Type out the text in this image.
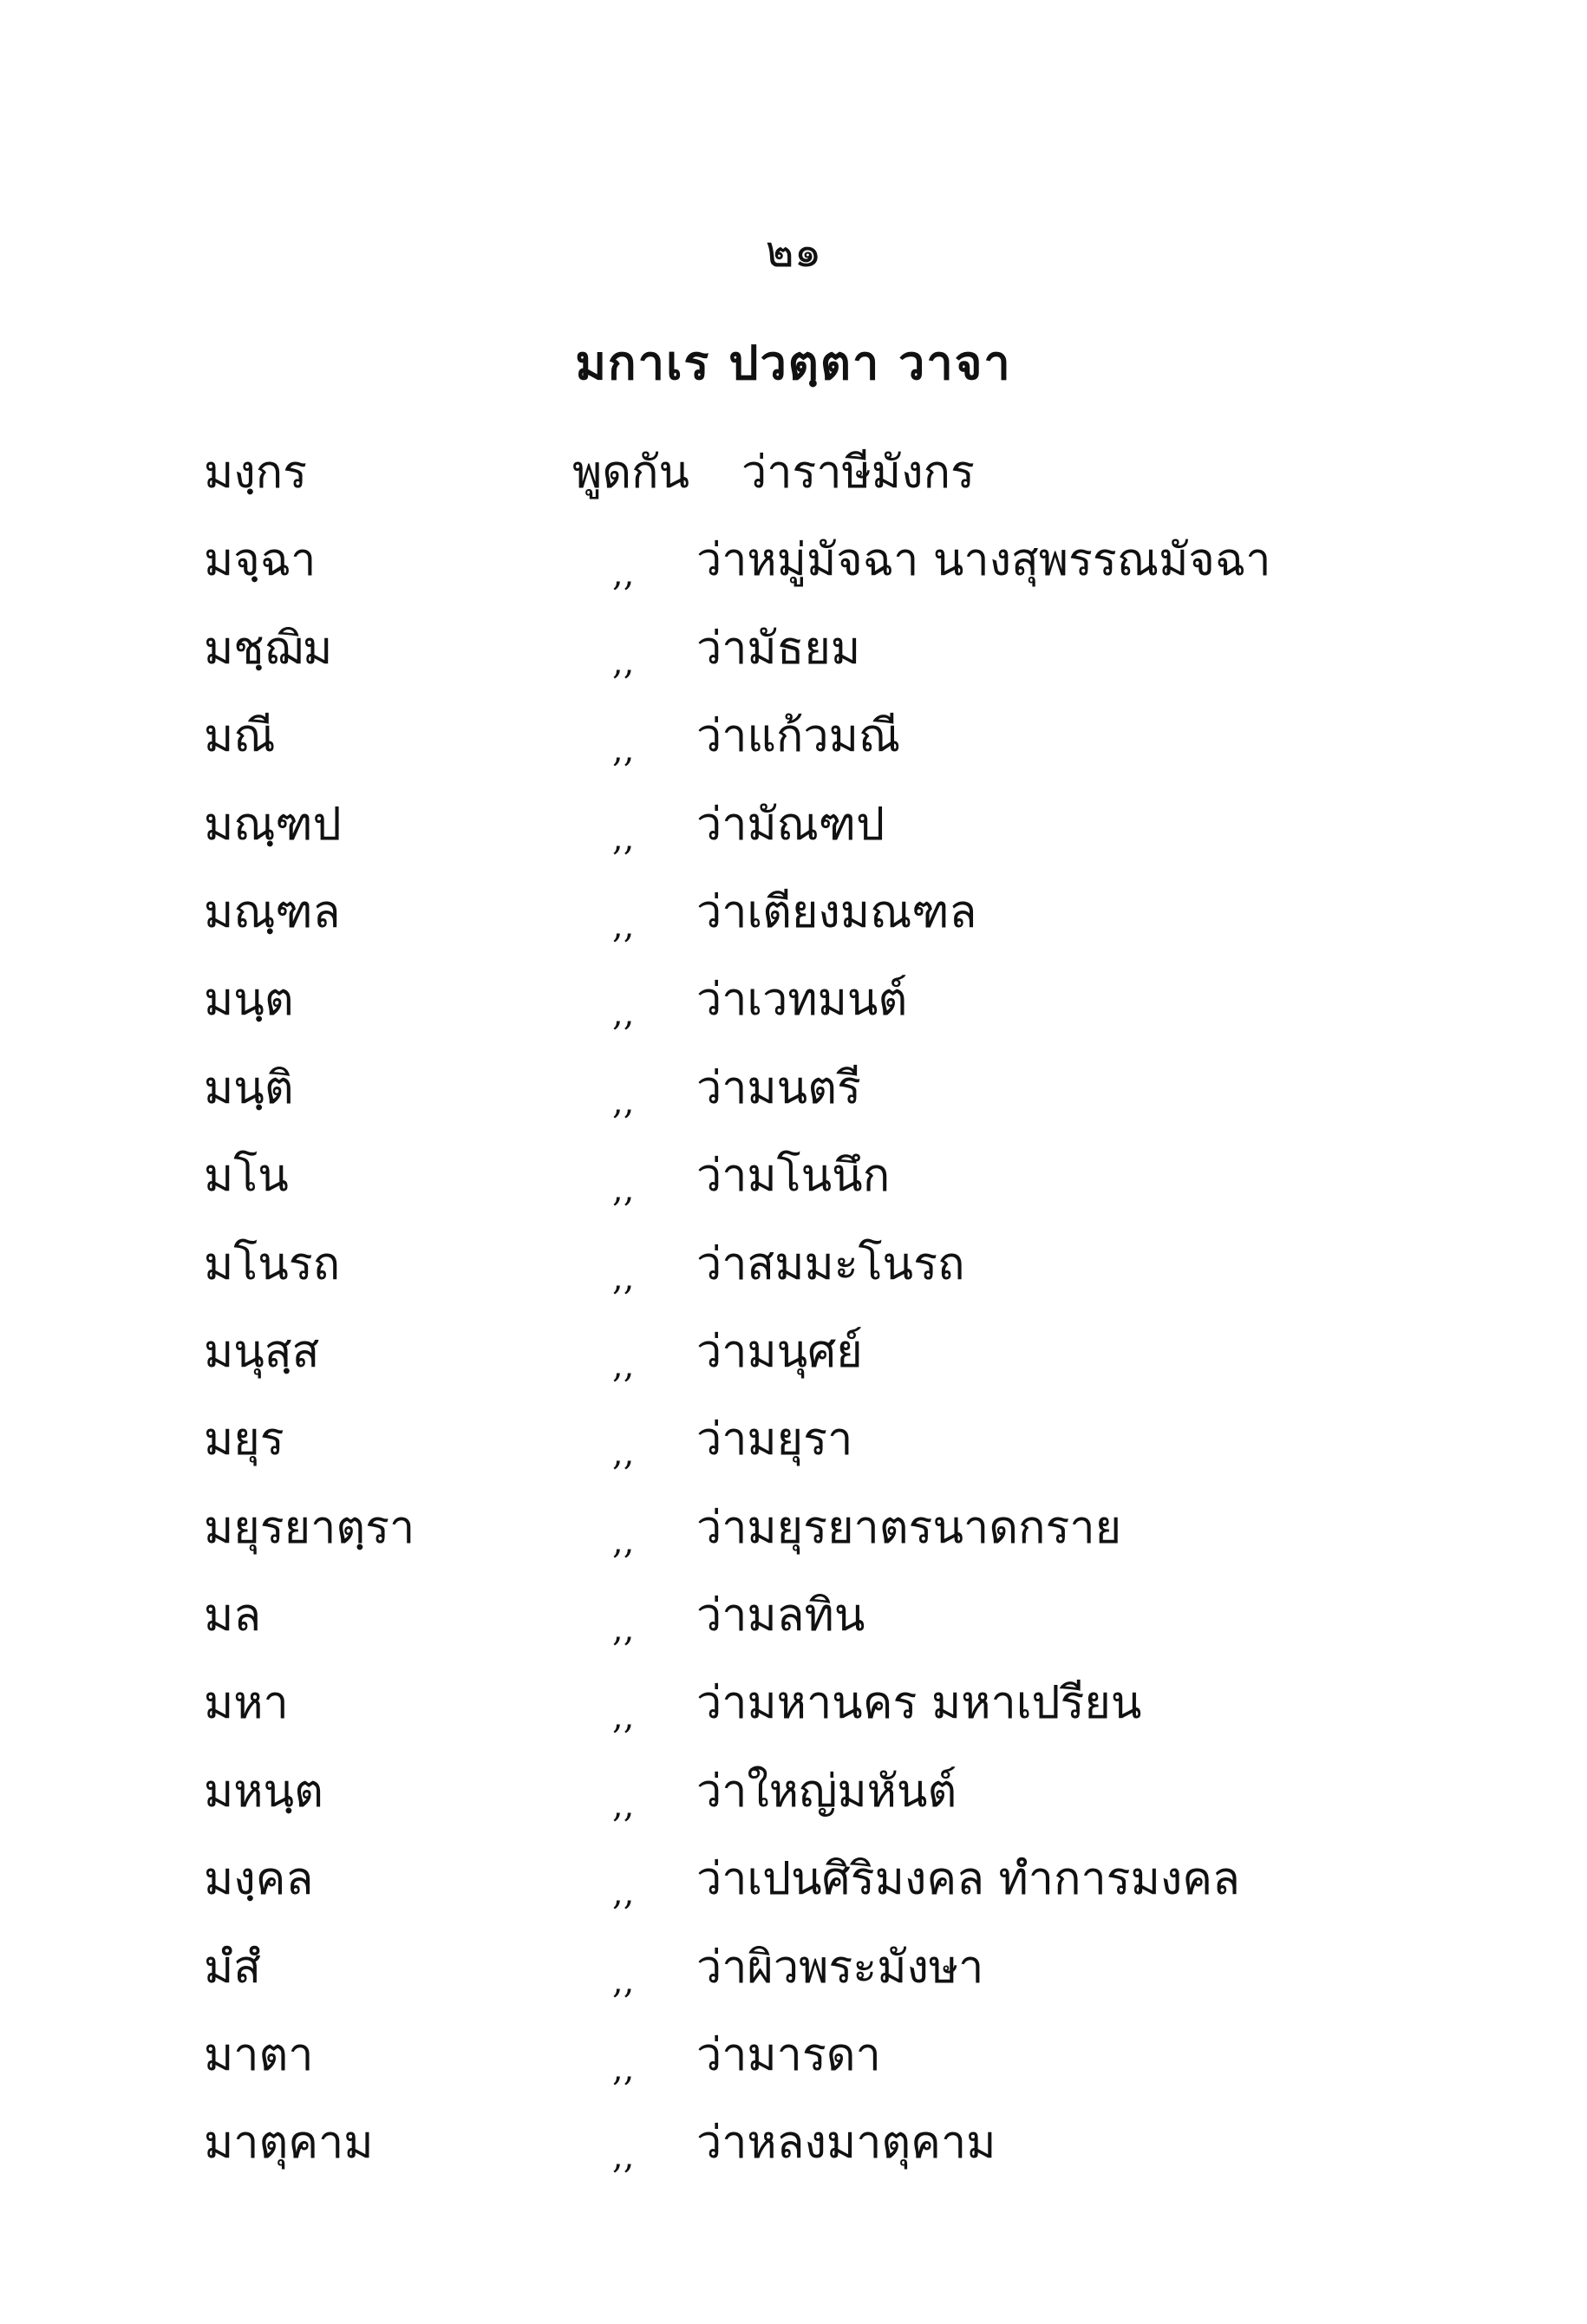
๒๑
มกาเร ปวตฺตา วาจา
มงฺกร	พูดกัน ว่าราษีมังกร
มจฺฉา	,, ว่าหมู่มัจฉา นางสุพรรณมัจฉา
มชฺฌิม	,, ว่ามัธยม
มณี	,, ว่าแก้วมณี
มณฺฑป	,, ว่ามัณฑป
มณฺฑล	,, ว่าเตียงมณฑล
มนฺต	,, ว่าเวทมนต์
มนฺติ	,, ว่ามนตรี
มโน	,, ว่ามโนนึก
มโนรถ	,, ว่าสมมะโนรถ
มนุสฺส	,, ว่ามนุศย์
มยุร	,, ว่ามยุรา
มยุรยาตฺรา	,, ว่ามยุรยาตรนาดกราย
มล	,, ว่ามลทิน
มหา	,, ว่ามหานคร มหาเปรียน
มหนฺต	,, ว่าใหญ่มหันต์
มงฺคล	,, ว่าเปนศิริมงคล ทำการมงคล
มํสํ	,, ว่าผิวพระมังษา
มาตา	,, ว่ามารดา
มาตุคาม	,, ว่าหลงมาตุคาม
